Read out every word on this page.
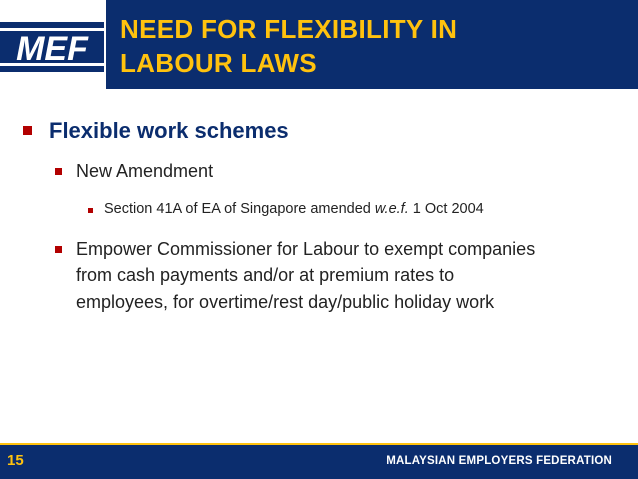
MEF
NEED FOR FLEXIBILITY IN
LABOUR LAWS

Flexible work schemes

New Amendment

Section 41A of EA of Singapore amended w.e.f. 1 Oct 2004

Empower Commissioner for Labour to exempt companies

from cash payments and/or at premium rates to

employees, for overtime/rest day/public holiday work

15	MALAYSIAN EMPLOYERS FEDERATION
